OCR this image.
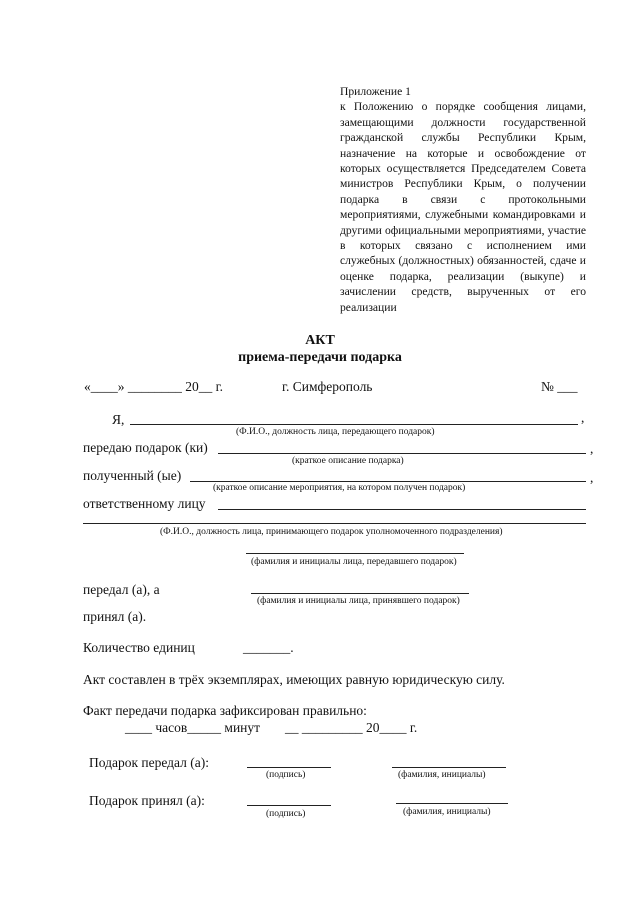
Приложение 1
к Положению о порядке сообщения лицами, замещающими должности государственной гражданской службы Республики Крым, назначение на которые и освобождение от которых осуществляется Председателем Совета министров Республики Крым, о получении подарка в связи с протокольными мероприятиями, служебными командировками и другими официальными мероприятиями, участие в которых связано с исполнением ими служебных (должностных) обязанностей, сдаче и оценке подарка, реализации (выкупе) и зачислении средств, вырученных от его реализации
АКТ
приема-передачи подарка
«____» ________ 20__ г.	г. Симферополь	№ ___
Я,	,
(Ф.И.О., должность лица, передающего подарок)
передаю подарок (ки)	,
(краткое описание подарка)
полученный (ые)	,
(краткое описание мероприятия, на котором получен подарок)
ответственному лицу
(Ф.И.О., должность лица, принимающего подарок уполномоченного подразделения)
(фамилия и инициалы лица, передавшего подарок)
передал (а), а
(фамилия и инициалы лица, принявшего подарок)
принял (а).
Количество единиц	_______.
Акт составлен в трёх экземплярах, имеющих равную юридическую силу.
Факт передачи подарка зафиксирован правильно:
____ часов_____ минут __ _________ 20____ г.
Подарок передал (а):
(подпись)	(фамилия, инициалы)
Подарок принял (а):
(подпись)	(фамилия, инициалы)
